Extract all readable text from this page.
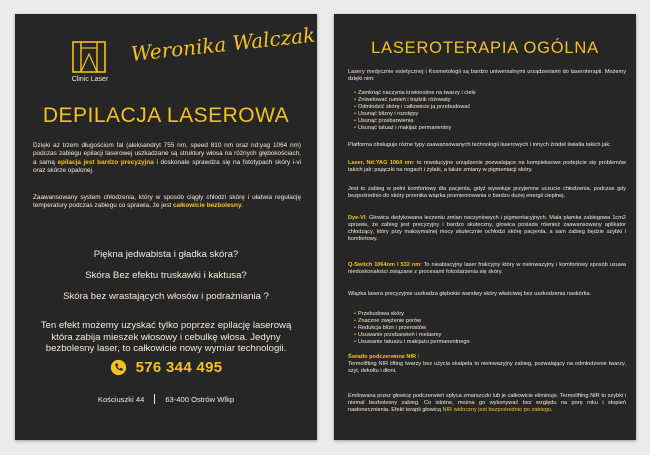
Clinic Laser
Weronika Walczak
DEPILACJA LASEROWA

Dzięki az trzem długościom fal (aleksandryt 755 nm, speed 810 nm oraz nd:yag 1064 nm) podczas zabiegu epilacji laserowej uszkadzane są struktury włosa na różnych głębokościach, a samą epilacja jest bardzo precyzyjna i doskonale sprawdza się na fototypach skóry i-vi oraz skórze opalonej.

Zaawansowany system chłodzenia, który w sposób ciągły chłodzi skórę i ułatwia regulację temperatury podczas zabiegu co sprawia, że jest całkowicie bezbolesny.

Piękna jedwabista i gładka skóra?
Skóra Bez efektu truskawki i kaktusa?
Skóra bez wrastających włosów i podrażniania ?
Ten efekt możemy uzyskać tylko poprzez epilację laserową która zabija mieszek włosowy i cebulkę włosa. Jedyny bezbolesny laser, to całkowicie nowy wymiar technologii.
576 344 495
Kościuszki 44	63-400 Ostrów Wlkp
LASEROTERAPIA OGÓLNA

Lasery medycznie estetycznej i Kosmetologii są bardzo uniwersalnymi urządzeniami do laseroterapii. Możemy dzięki nim:

• Zamknąć naczynia krwionośne na twarzy i ciele
• Zniwelować rumień i trądzik różowaty
• Odmłodzić skórę i całkowicie ją przebudować
• Usunąć blizny i rozstępy
• Usunąć przebarwienia
• Usunąć tatuaż i makijaż permanentny

Platforma obsługuje różne typy zaawansowanych technologii laserowych i innych źródeł światła takich jak:

Laser, Nd:YAG 1064 nm: to rewolucyjne urządzenie pozwalające na kompleksowe podejście się problemów takich jak: pajączki na nogach i żyłaki, a także zmiany w pigmentacji skóry.

Jest to zabieg w pełni komfortowy dla pacjenta, gdyż wywołuje przyjemne uczucie chłodzenia, podczas gdy bezpośrednio do skóry przenika wiązka promieniowania o bardzo dużej energii cieplnej.

Dye-VI: Głowica dedykowana leczeniu zmian naczyniowych i pigmentacyjnych. Mała plamka zabiegowa 1cm2 sprawia, że zabieg jest precyzyjny i bardzo skuteczny, głowica posiada również zaawansowany aplikator chłodzący, który przy maksymalnej mocy skutecznie ochłodzi skórę pacjenta, a sam zabieg będzie szybki i komfortowy.

Q-Switch 1064nm I 532 nm: To nieablacyjny laser frakcyjny który w nieinwazyjny i komfortowy sposób usuwa niedoskonałości związane z procesami fotostarzenia się skóry.

Wiązka lasera precyzyjnie uszkadza głębokie warstwy skóry właściwej bez uszkodzenia naskórka.

• Przebudowa skóry
• Znaczne zwężenie porów
• Redukcja blizn i przerostów
• Usuwanie przebarwień i melasmy
• Usuwanie tatuażu i makijażu permanentnego

Światło podczerwone NIR :
Termolifting NIR lifting twarzy bez użycia skalpela to nieinwazyjny zabieg, pozwalający na odmłodzenie twarzy, szyi, dekoltu i dłoni.

Emitowana przez głowicę podczerwień spłyca zmarszczki lub je całkowicie eliminuje. Termolifting NIR to szybki i niemal bezbolesny zabieg. Co istotne, można go wykonywać bez względu na porę roku i stopień nasłonecznienia. Efekt terapii głowicą NIR widoczny jest bezpośrednio po zabiegu.
